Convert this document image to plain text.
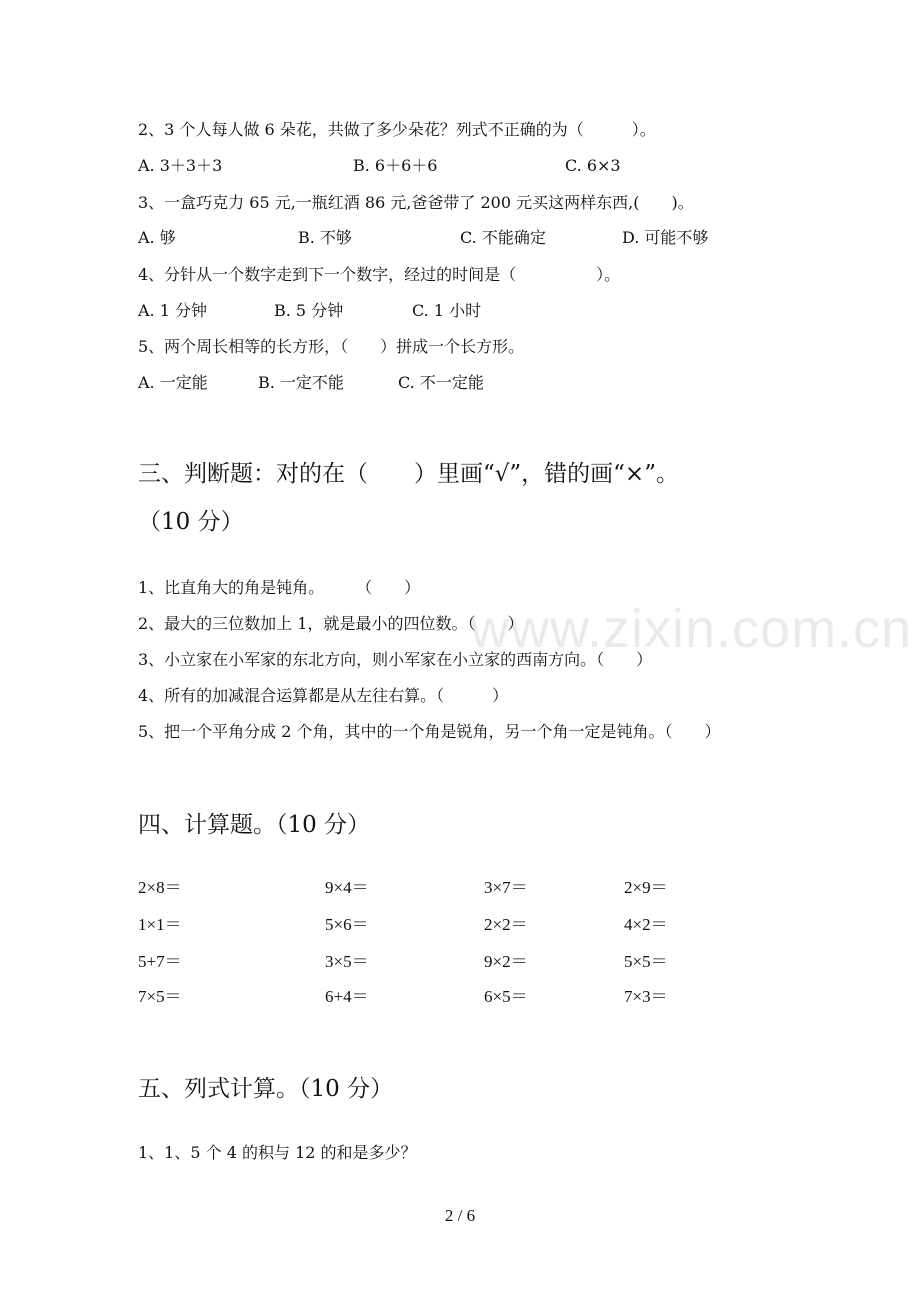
www.zixin.com.cn
2、3 个人每人做 6 朵花，共做了多少朵花？列式不正确的为（　　　）。
A. 3＋3＋3	B. 6＋6＋6	C. 6×3
3、一盒巧克力 65 元,一瓶红酒 86 元,爸爸带了 200 元买这两样东西,(　　)。
A. 够	B. 不够	C. 不能确定	D. 可能不够
4、分针从一个数字走到下一个数字，经过的时间是（　　　　　）。
A. 1 分钟	B. 5 分钟	C. 1 小时
5、两个周长相等的长方形，（　　）拼成一个长方形。
A. 一定能	B. 一定不能	C. 不一定能
三、判断题：对的在（　　）里画“√”，错的画“×”。
（10 分）
1、比直角大的角是钝角。　　　（　　）
2、最大的三位数加上 1，就是最小的四位数。（　　）
3、小立家在小军家的东北方向，则小军家在小立家的西南方向。（　　）
4、所有的加减混合运算都是从左往右算。（　　　）
5、把一个平角分成 2 个角，其中的一个角是锐角，另一个角一定是钝角。（　　）
四、计算题。（10 分）
2×8＝	9×4＝	3×7＝	2×9＝
1×1＝	5×6＝	2×2＝	4×2＝
5+7＝	3×5＝	9×2＝	5×5＝
7×5＝	6+4＝	6×5＝	7×3＝
五、列式计算。（10 分）
1、1、5 个 4 的积与 12 的和是多少？
2 / 6
